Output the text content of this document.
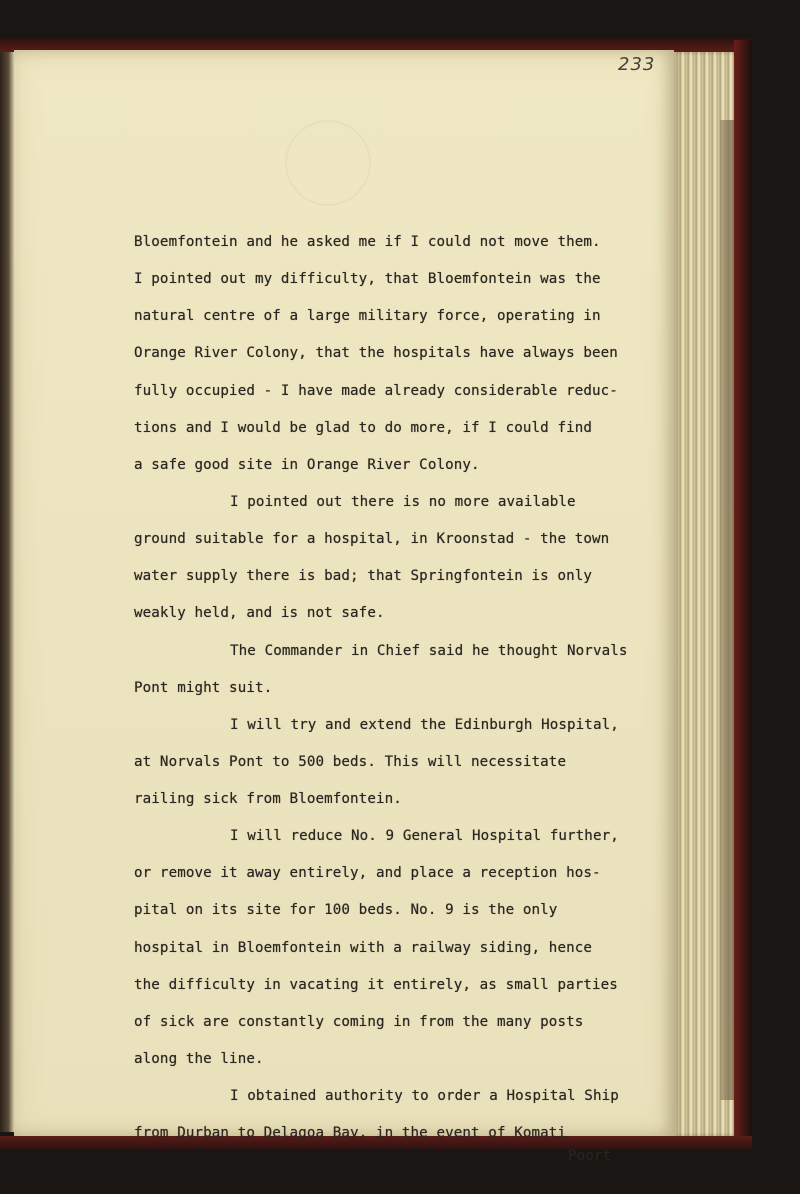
233
Bloemfontein and he asked me if I could not move them.
I pointed out my difficulty, that Bloemfontein was the
natural centre of a large military force, operating in
Orange River Colony, that the hospitals have always been
fully occupied - I have made already considerable reduc-
tions and I would be glad to do more, if I could find
a safe good site in Orange River Colony.
I pointed out there is no more available
ground suitable for a hospital, in Kroonstad - the town
water supply there is bad; that Springfontein is only
weakly held, and is not safe.
The Commander in Chief said he thought Norvals
Pont might suit.
I will try and extend the Edinburgh Hospital,
at Norvals Pont to 500 beds. This will necessitate
railing sick from Bloemfontein.
I will reduce No. 9 General Hospital further,
or remove it away entirely, and place a reception hos-
pital on its site for 100 beds. No. 9 is the only
hospital in Bloemfontein with a railway siding, hence
the difficulty in vacating it entirely, as small parties
of sick are constantly coming in from the many posts
along the line.
I obtained authority to order a Hospital Ship
from Durban to Delagoa Bay, in the event of Komati
Poort
